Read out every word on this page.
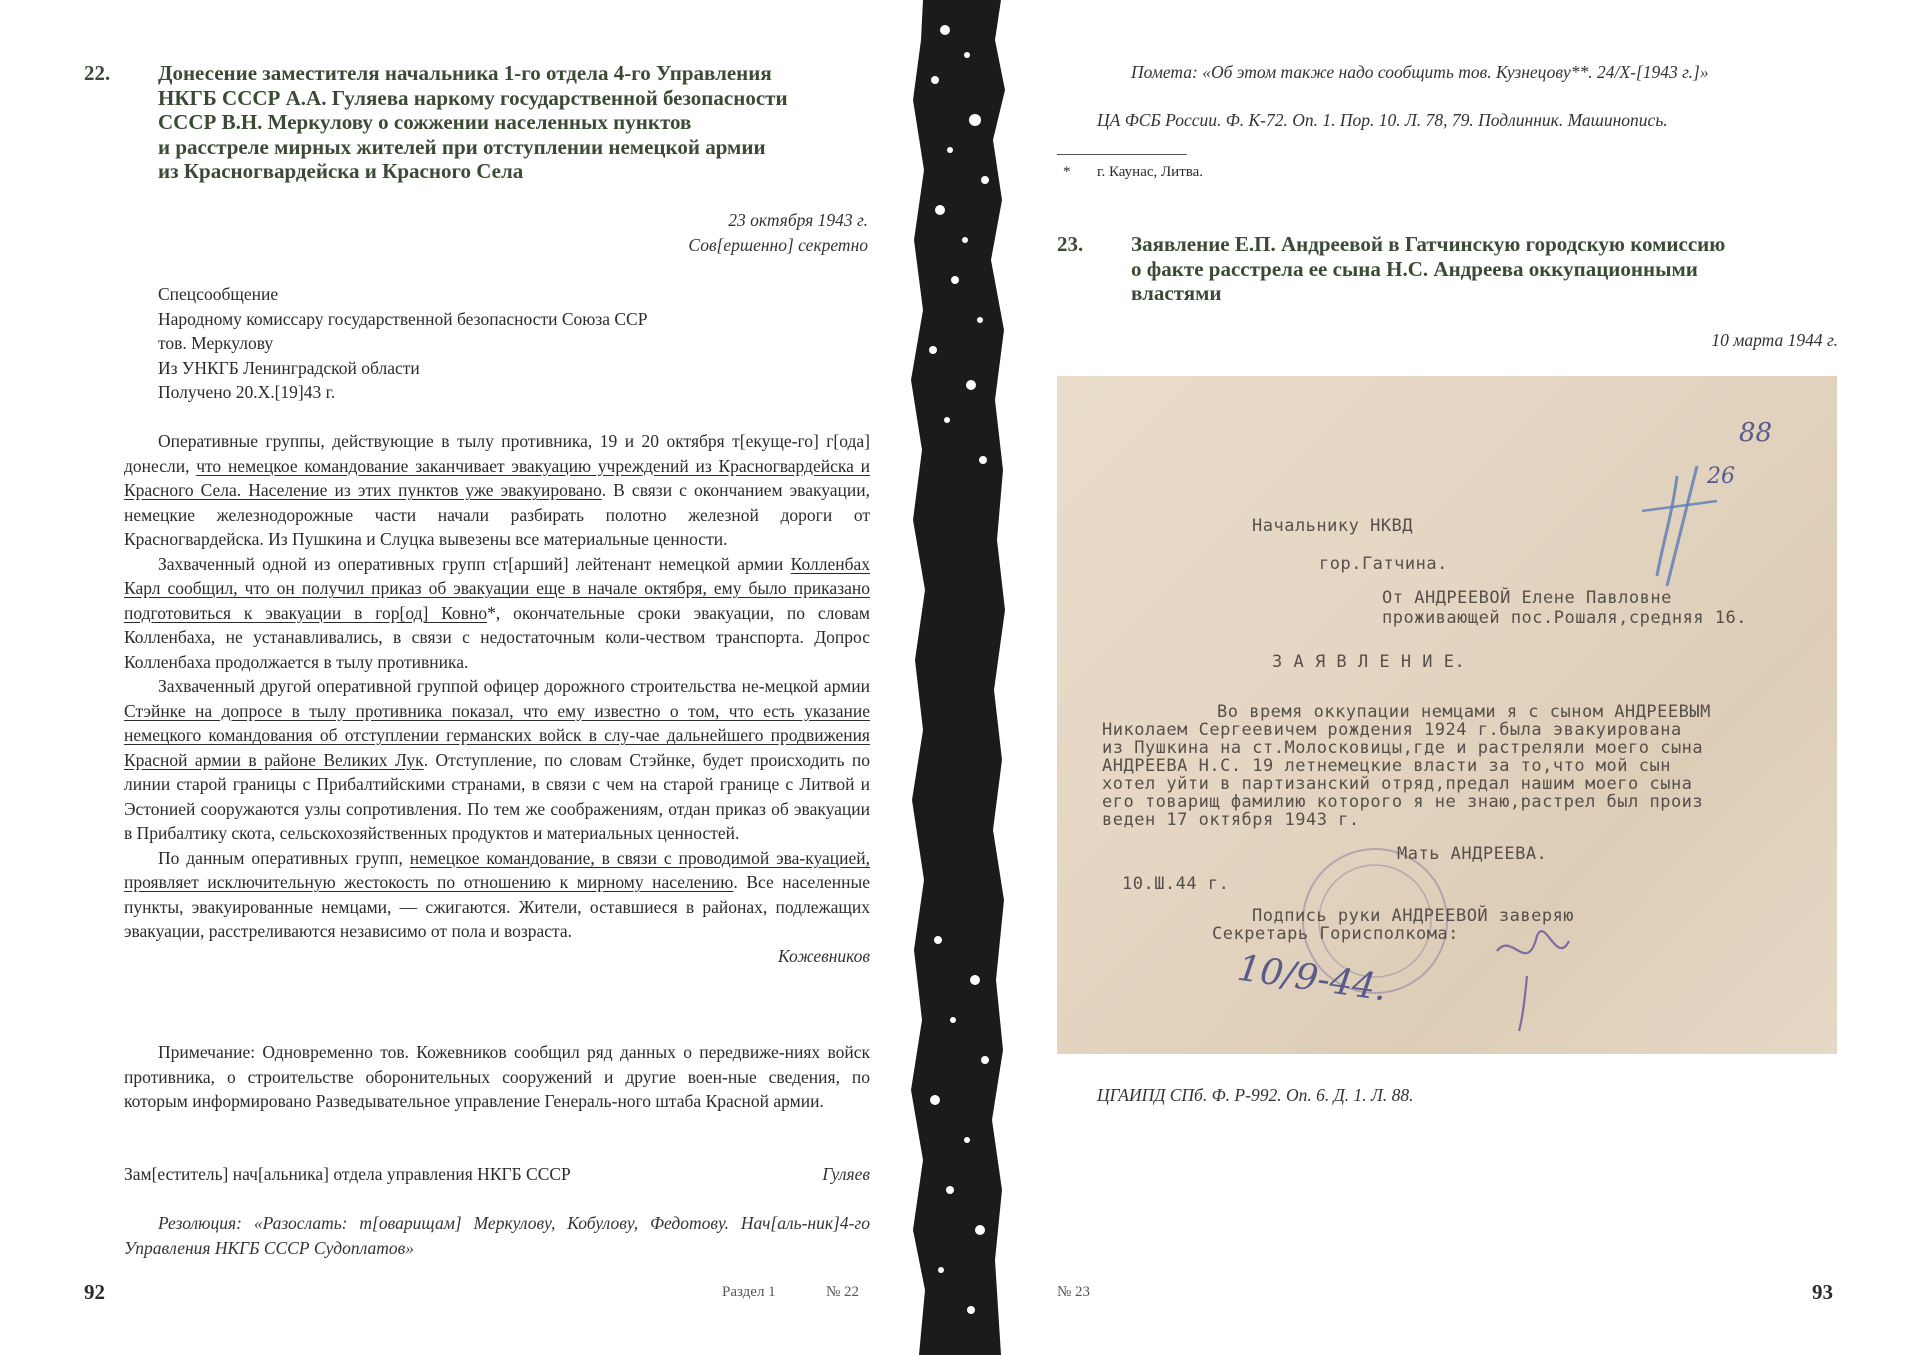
22. Донесение заместителя начальника 1-го отдела 4-го Управления
НКГБ СССР А.А. Гуляева наркому государственной безопасности
СССР В.Н. Меркулову о сожжении населенных пунктов
и расстреле мирных жителей при отступлении немецкой армии
из Красногвардейска и Красного Села
23 октября 1943 г.
Сов[ершенно] секретно
Спецсообщение
Народному комиссару государственной безопасности Союза ССР
тов. Меркулову
Из УНКГБ Ленинградской области
Получено 20.X.[19]43 г.

Оперативные группы, действующие в тылу противника, 19 и 20 октября т[екуще-го] г[ода] донесли, что немецкое командование заканчивает эвакуацию учреждений из Красногвардейска и Красного Села. Население из этих пунктов уже эвакуировано. В связи с окончанием эвакуации, немецкие железнодорожные части начали разбирать полотно железной дороги от Красногвардейска. Из Пушкина и Слуцка вывезены все материальные ценности.

Захваченный одной из оперативных групп ст[арший] лейтенант немецкой армии Колленбах Карл сообщил, что он получил приказ об эвакуации еще в начале октября, ему было приказано подготовиться к эвакуации в гор[од] Ковно*, окончательные сроки эвакуации, по словам Колленбаха, не устанавливались, в связи с недостаточным коли-чеством транспорта. Допрос Колленбаха продолжается в тылу противника.

Захваченный другой оперативной группой офицер дорожного строительства не-мецкой армии Стэйнке на допросе в тылу противника показал, что ему известно о том, что есть указание немецкого командования об отступлении германских войск в слу-чае дальнейшего продвижения Красной армии в районе Великих Лук. Отступление, по словам Стэйнке, будет происходить по линии старой границы с Прибалтийскими странами, в связи с чем на старой границе с Литвой и Эстонией сооружаются узлы сопротивления. По тем же соображениям, отдан приказ об эвакуации в Прибалтику скота, сельскохозяйственных продуктов и материальных ценностей.

По данным оперативных групп, немецкое командование, в связи с проводимой эва-куацией, проявляет исключительную жестокость по отношению к мирному населению. Все населенные пункты, эвакуированные немцами, — сжигаются. Жители, оставшиеся в районах, подлежащих эвакуации, расстреливаются независимо от пола и возраста.

Кожевников

Примечание: Одновременно тов. Кожевников сообщил ряд данных о передвиже-ниях войск противника, о строительстве оборонительных сооружений и другие воен-ные сведения, по которым информировано Разведывательное управление Генераль-ного штаба Красной армии.

Зам[еститель] нач[альника] отдела управления НКГБ СССР	Гуляев

Резолюция: «Разослать: т[оварищам] Меркулову, Кобулову, Федотову. Нач[аль-ник]4-го Управления НКГБ СССР Судоплатов»

92	Раздел 1	№ 22
Помета: «Об этом также надо сообщить тов. Кузнецову**. 24/X-[1943 г.]»
ЦА ФСБ России. Ф. К-72. Оп. 1. Пор. 10. Л. 78, 79. Подлинник. Машинопись.
* г. Каунас, Литва.
23. Заявление Е.П. Андреевой в Гатчинскую городскую комиссию
о факте расстрела ее сына Н.С. Андреева оккупационными
властями
10 марта 1944 г.
ЦГАИПД СПб. Ф. Р-992. Оп. 6. Д. 1. Л. 88.
№ 23	93
88
26
Начальнику НКВД
гор.Гатчина.
От АНДРЕЕВОЙ Елене Павловне
проживающей пос.Рошаля,средняя 16.
З А Я В Л Е Н И Е.
Во время оккупации немцами я с сыном АНДРЕЕВЫМ
Николаем Сергеевичем рождения 1924 г.была эвакуирована
из Пушкина на ст.Молосковицы,где и растреляли моего сына
АНДРЕЕВА Н.С. 19 летнемецкие власти за то,что мой сын
хотел уйти в партизанский отряд,предал нашим моего сына
его товарищ фамилию которого я не знаю,растрел был произ
веден 17 октября 1943 г.
Мать АНДРЕЕВА.
10.Ш.44 г.
Подпись руки АНДРЕЕВОЙ заверяю
Секретарь Горисполкома:
10/9-44.
